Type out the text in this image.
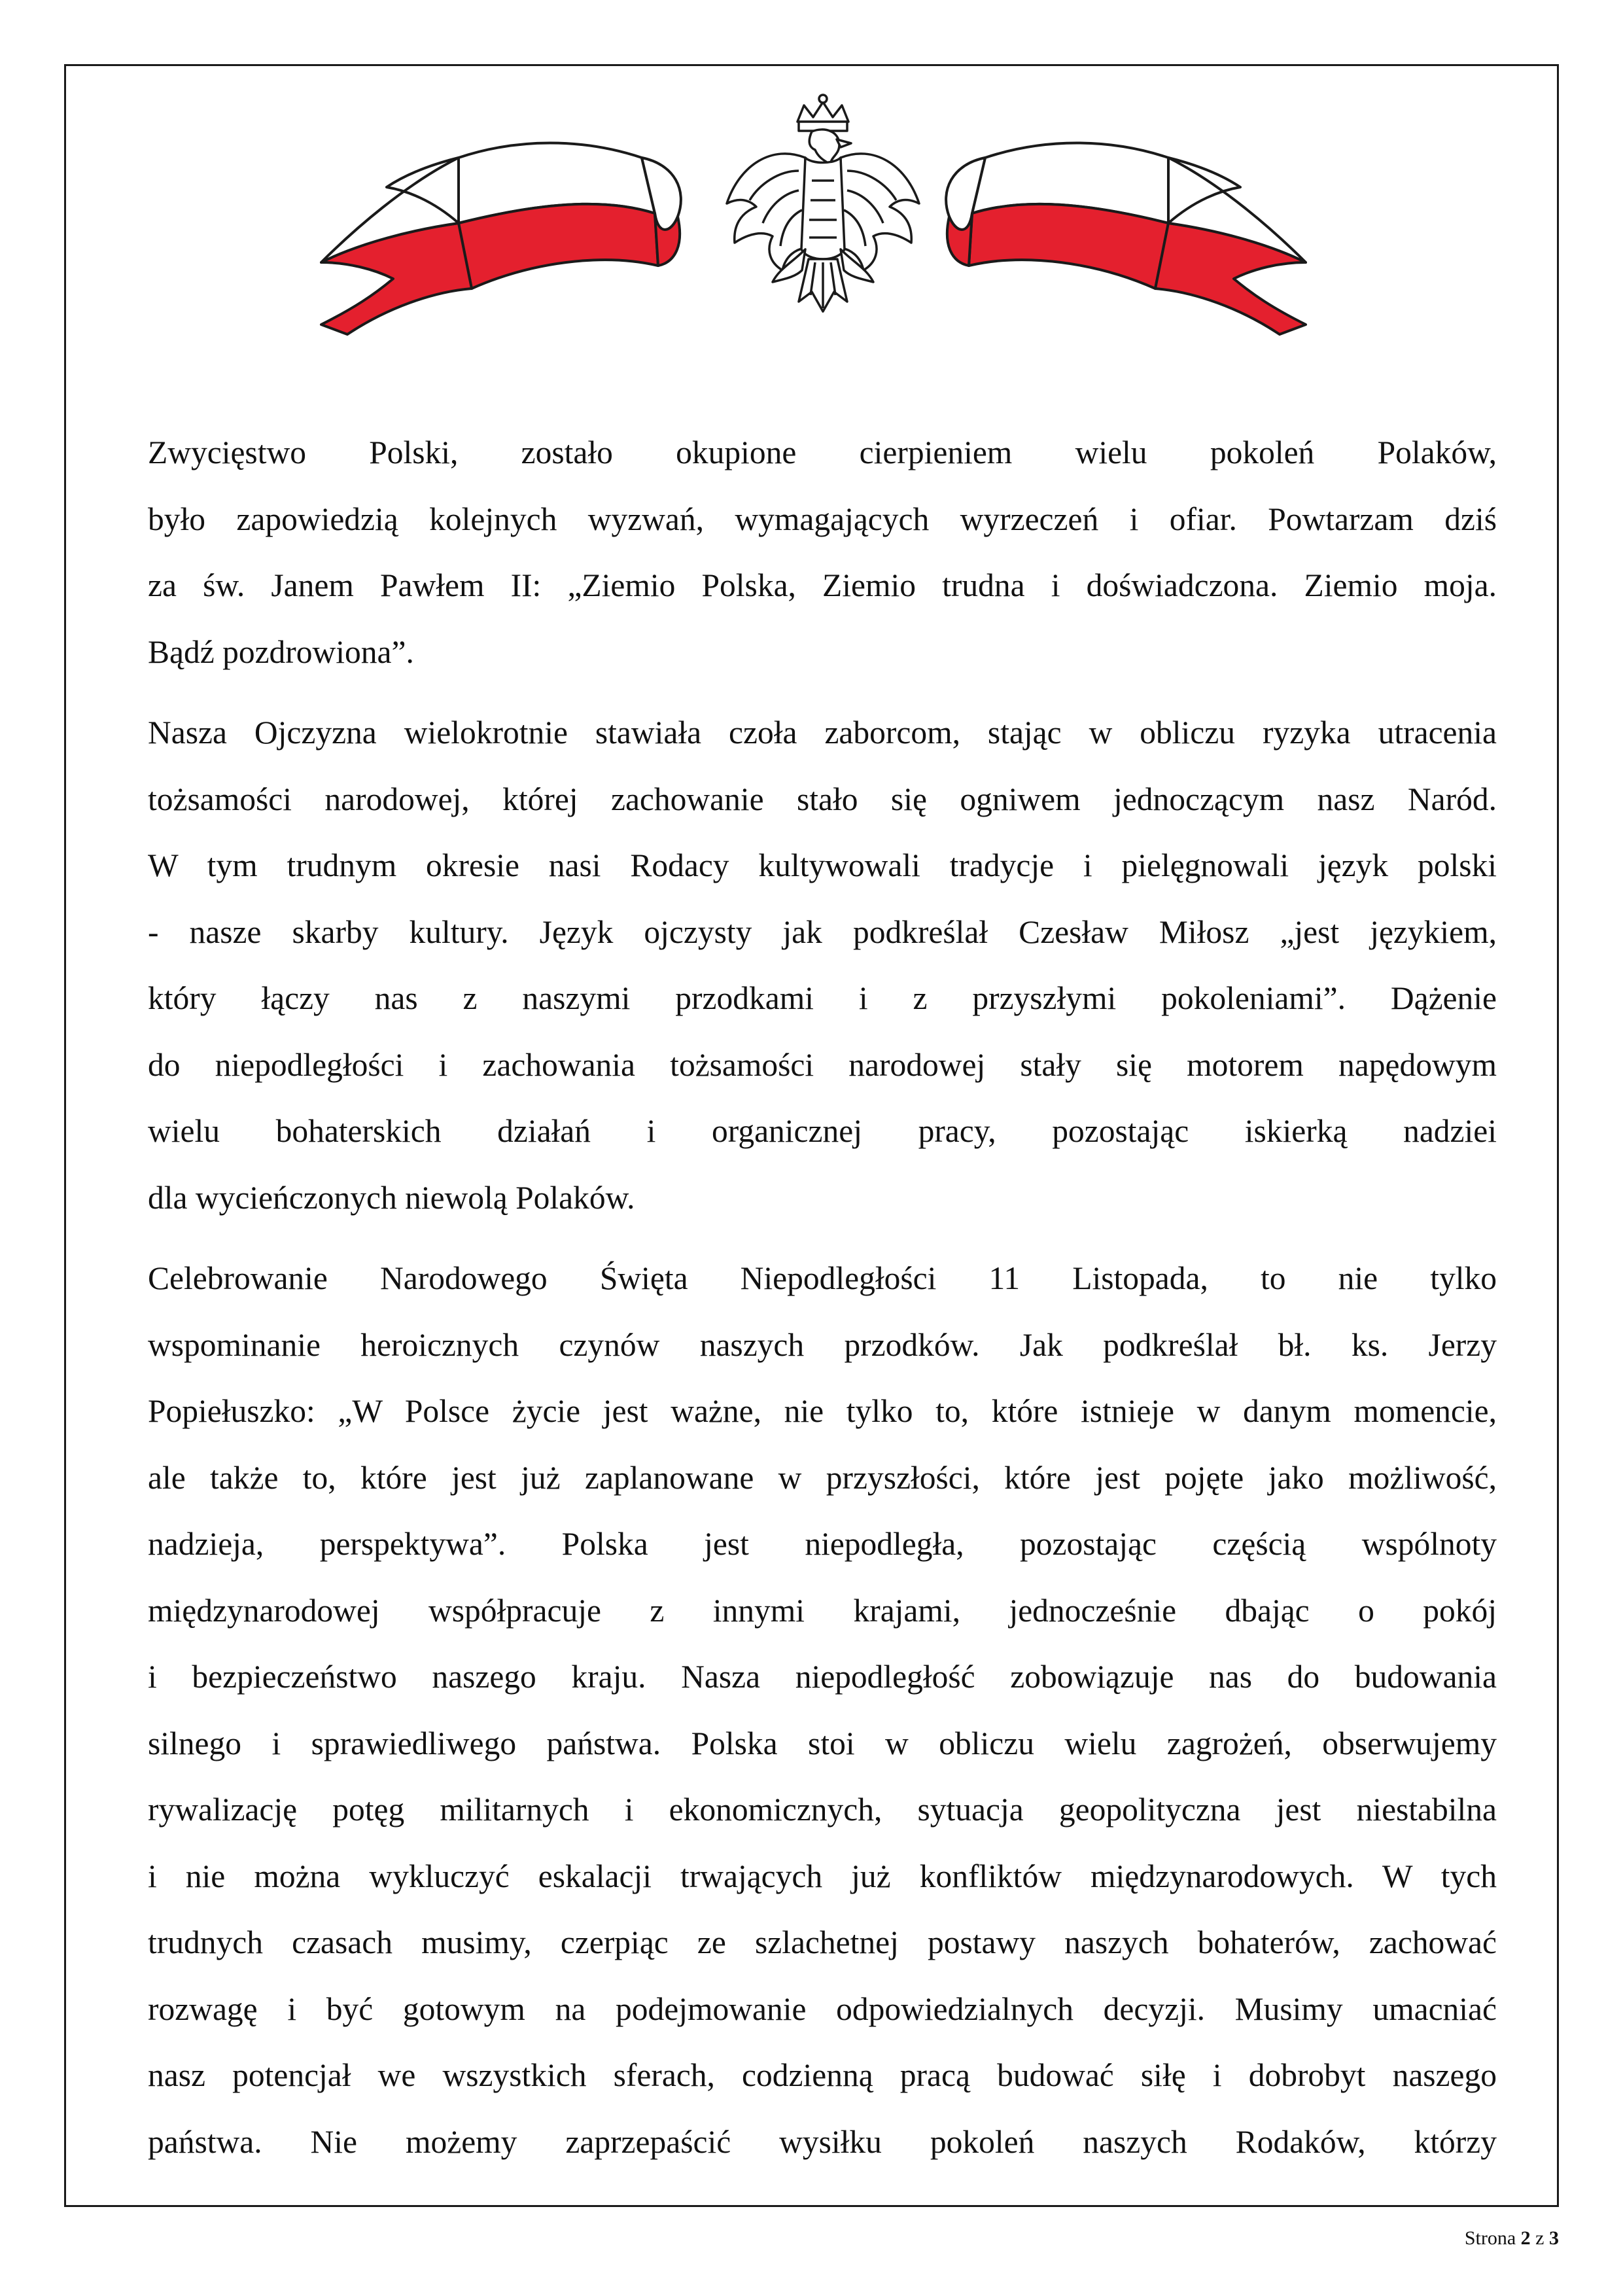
Zwycięstwo Polski, zostało okupione cierpieniem wielu pokoleń Polaków,
było zapowiedzią kolejnych wyzwań, wymagających wyrzeczeń i ofiar. Powtarzam dziś
za św. Janem Pawłem II: „Ziemio Polska, Ziemio trudna i doświadczona. Ziemio moja.
Bądź pozdrowiona”.

Nasza Ojczyzna wielokrotnie stawiała czoła zaborcom, stając w obliczu ryzyka utracenia
tożsamości narodowej, której zachowanie stało się ogniwem jednoczącym nasz Naród.
W tym trudnym okresie nasi Rodacy kultywowali tradycje i pielęgnowali język polski
- nasze skarby kultury. Język ojczysty jak podkreślał Czesław Miłosz „jest językiem,
który łączy nas z naszymi przodkami i z przyszłymi pokoleniami”. Dążenie
do niepodległości i zachowania tożsamości narodowej stały się motorem napędowym
wielu bohaterskich działań i organicznej pracy, pozostając iskierką nadziei
dla wycieńczonych niewolą Polaków.

Celebrowanie Narodowego Święta Niepodległości 11 Listopada, to nie tylko
wspominanie heroicznych czynów naszych przodków. Jak podkreślał bł. ks. Jerzy
Popiełuszko: „W Polsce życie jest ważne, nie tylko to, które istnieje w danym momencie,
ale także to, które jest już zaplanowane w przyszłości, które jest pojęte jako możliwość,
nadzieja, perspektywa”. Polska jest niepodległa, pozostając częścią wspólnoty
międzynarodowej współpracuje z innymi krajami, jednocześnie dbając o pokój
i bezpieczeństwo naszego kraju. Nasza niepodległość zobowiązuje nas do budowania
silnego i sprawiedliwego państwa. Polska stoi w obliczu wielu zagrożeń, obserwujemy
rywalizację potęg militarnych i ekonomicznych, sytuacja geopolityczna jest niestabilna
i nie można wykluczyć eskalacji trwających już konfliktów międzynarodowych. W tych
trudnych czasach musimy, czerpiąc ze szlachetnej postawy naszych bohaterów, zachować
rozwagę i być gotowym na podejmowanie odpowiedzialnych decyzji. Musimy umacniać
nasz potencjał we wszystkich sferach, codzienną pracą budować siłę i dobrobyt naszego
państwa. Nie możemy zaprzepaścić wysiłku pokoleń naszych Rodaków, którzy

Strona 2 z 3
